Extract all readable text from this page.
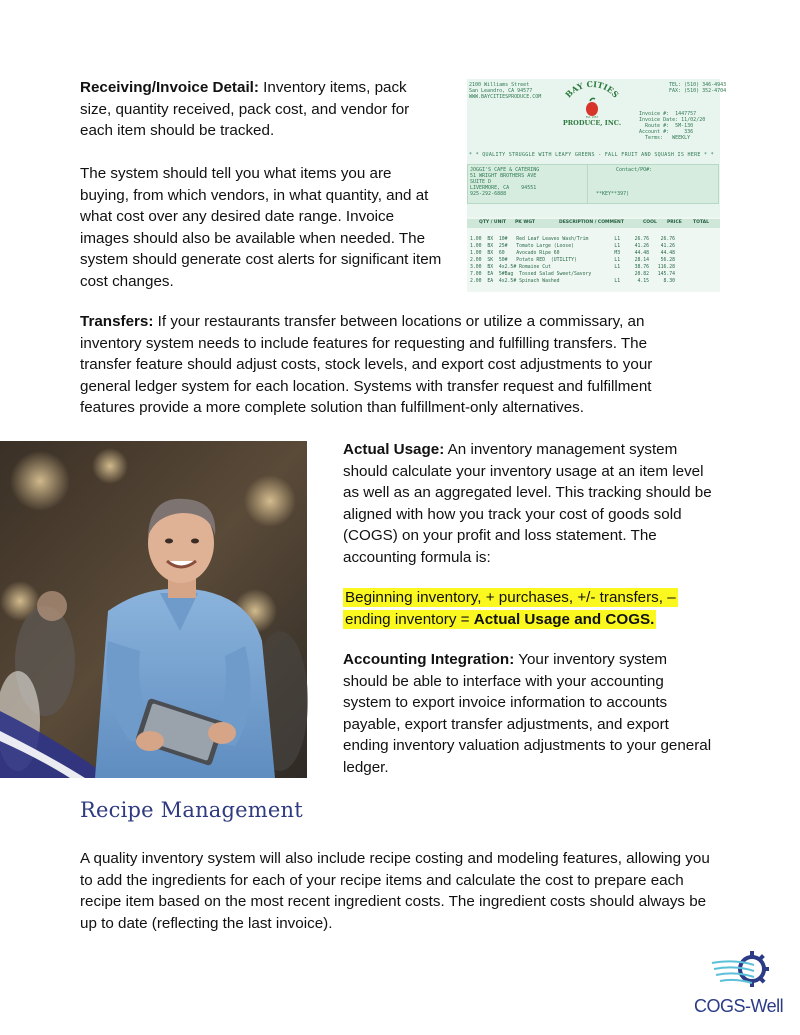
Receiving/Invoice Detail: Inventory items, pack size, quantity received, pack cost, and vendor for each item should be tracked.

The system should tell you what items you are buying, from which vendors, in what quantity, and at what cost over any desired date range. Invoice images should also be available when needed. The system should generate cost alerts for significant item cost changes.

2100 Williams Street
San Leandro, CA 94577
WWW.BAYCITIESPRODUCE.COM
TEL: (510) 346-4943
FAX: (510) 352-4704
BAY CITIES
PRODUCE, INC.
Est. 1957
Invoice #:  1447757
Invoice Date: 11/02/20
Route #:  5M-130
Account #:     336
Terms:   WEEKLY
* * QUALITY STRUGGLE WITH LEAFY GREENS - FALL FRUIT AND SQUASH IS HERE * *
JOGGI'S CAFE & CATERING
51 WRIGHT BROTHERS AVE
SUITE D
LIVERMORE, CA    94551
925-292-6888
Contact/PO#:
**KEY**397)
QTY / UNIT PK WGT	DESCRIPTION / COMMENT	COOL PRICE TOTAL
1.00  BX  10#   Red Leaf Leaves Wash/Trim         L1     26.76    26.76
1.00  BX  25#   Tomato Large (Loose)              L1     41.26    41.26
1.00  BX  60    Avocado Ripe 60                   M3     44.48    44.48
2.00  SK  50#   Potato RED  (UTILITY)             L1     28.14    56.28
3.00  BX  4x2.5# Romaine Cut                      L1     38.76   116.28
7.00  EA  5#Bag  Tossed Salad Sweet/Savory               20.82   145.74
2.00  EA  4x2.5# Spinach Washed                   L1      4.15     8.30

Transfers: If your restaurants transfer between locations or utilize a commissary, an inventory system needs to include features for requesting and fulfilling transfers. The transfer feature should adjust costs, stock levels, and export cost adjustments to your general ledger system for each location. Systems with transfer request and fulfillment features provide a more complete solution than fulfillment-only alternatives.

Actual Usage: An inventory management system should calculate your inventory usage at an item level as well as an aggregated level. This tracking should be aligned with how you track your cost of goods sold (COGS) on your profit and loss statement. The accounting formula is:

Beginning inventory, + purchases, +/- transfers, – ending inventory = Actual Usage and COGS.

Accounting Integration: Your inventory system should be able to interface with your accounting system to export invoice information to accounts payable, export transfer adjustments, and export ending inventory valuation adjustments to your general ledger.

Recipe Management

A quality inventory system will also include recipe costing and modeling features, allowing you to add the ingredients for each of your recipe items and calculate the cost to prepare each recipe item based on the most recent ingredient costs. The ingredient costs should always be up to date (reflecting the last invoice).

COGS-Well
